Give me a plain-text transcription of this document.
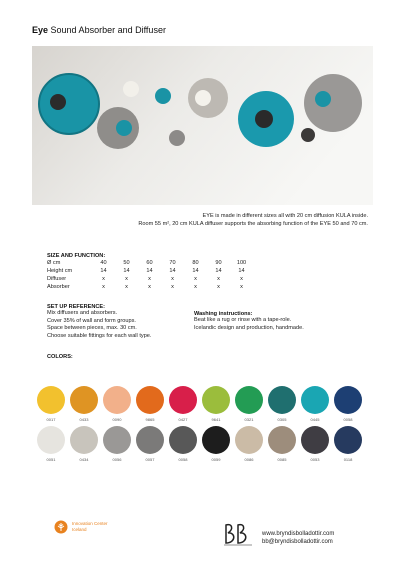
Eye Sound Absorber and Diffuser
EYE is made in different sizes all with 20 cm diffusion KULA inside.
Room 55 m², 20 cm KULA diffuser supports the absorbing function of the EYE 50 and 70 cm.
SIZE AND FUNCTION:
Ø cm	40	50	60	70	80	90	100
Height cm	14	14	14	14	14	14	14
Diffuser	x	x	x	x	x	x	x
Absorber	x	x	x	x	x	x	x
SET UP REFERENCE:
Mix diffusers and absorbers.
Cover 35% of wall and form groups.
Space between pieces, max. 30 cm.
Choose suitable fittings for each wall type.
Washing instructions:
Beat like a rug or rinse with a tape-role.
Icelandic design and production, handmade.
COLORS:
0017	0433	0090	9865	0427	9641	0321	0305	0445	0058
0051	0434	0056	0057	0058	0059	0086	0085	0053	0118
Innovation Center
Iceland
www.bryndisbolladottir.com
bb@bryndisbolladottir.com
